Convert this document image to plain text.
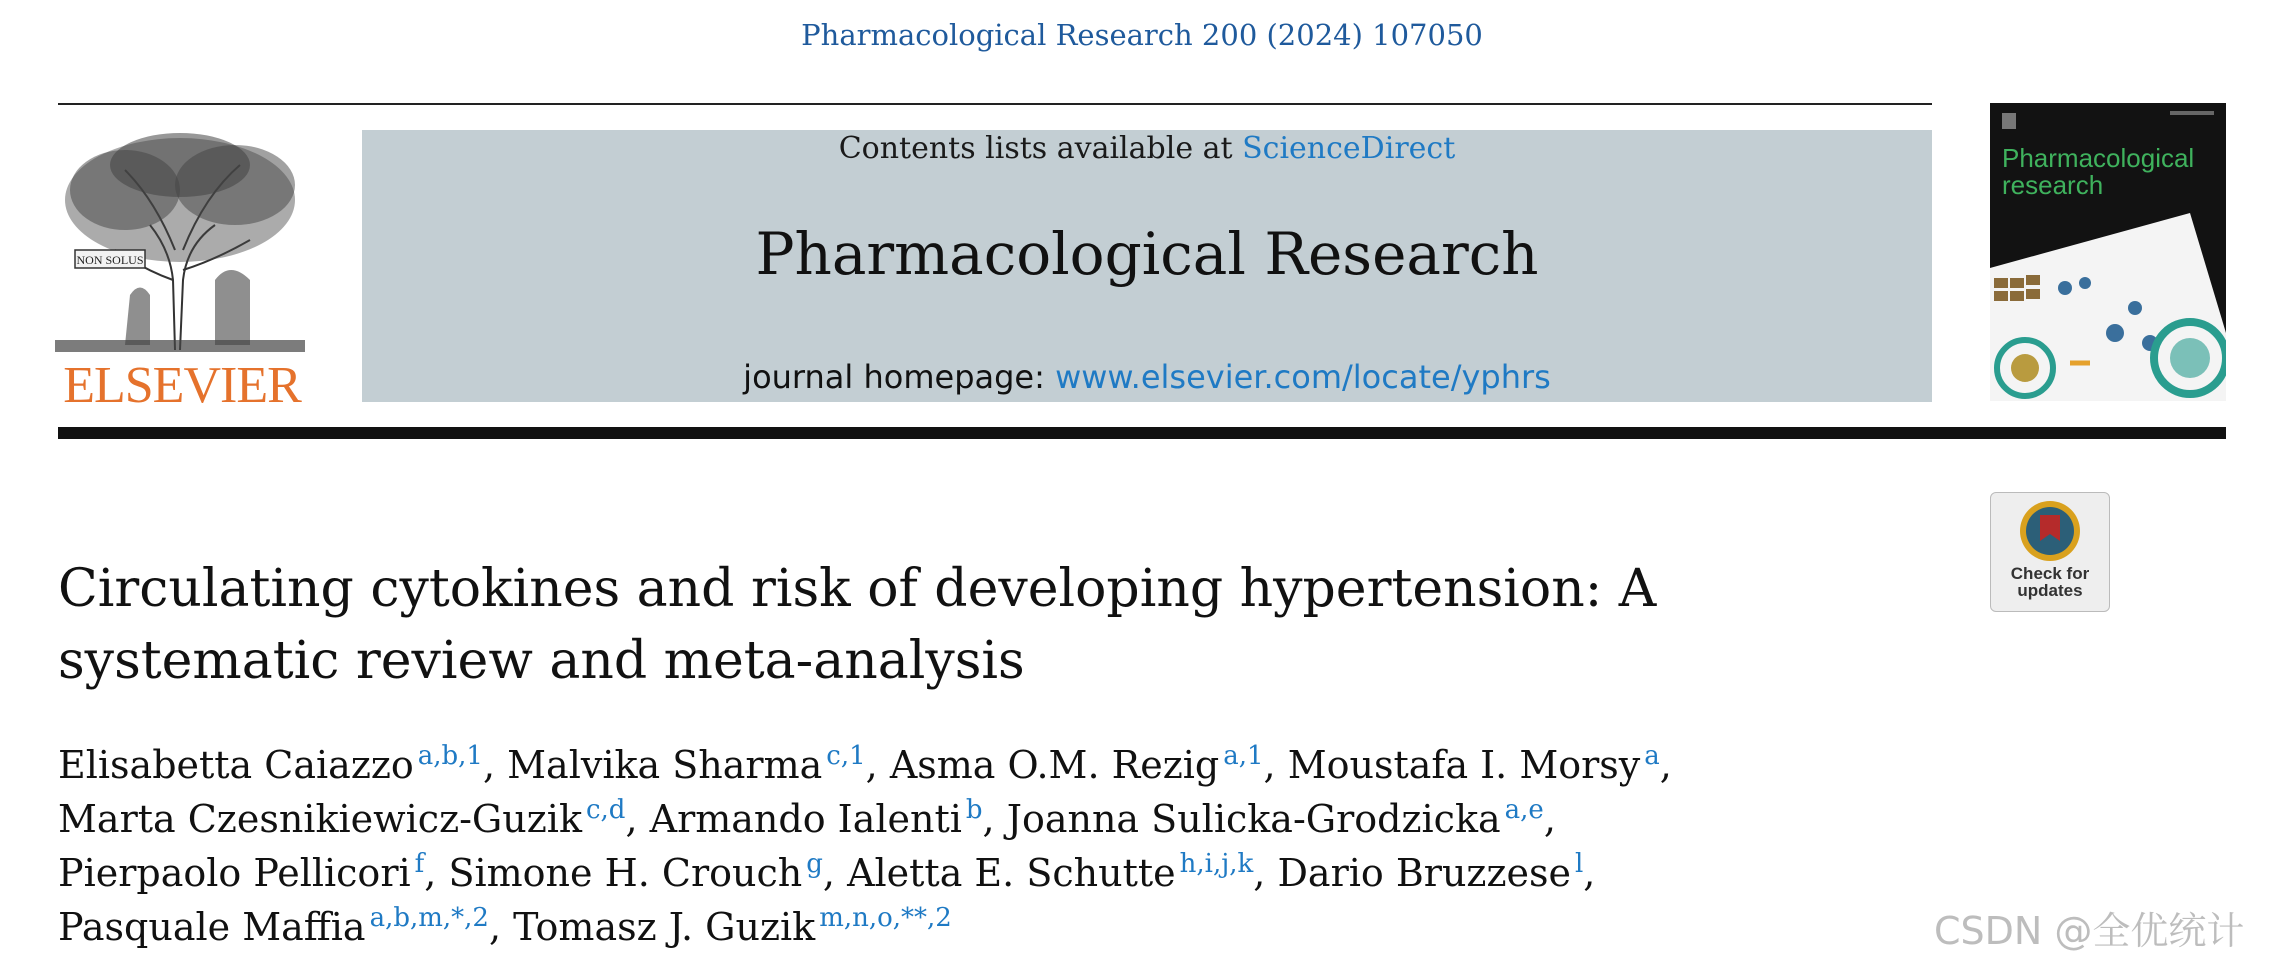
Pharmacological Research 200 (2024) 107050
NON SOLUS
ELSEVIER
Contents lists available at ScienceDirect
Pharmacological Research
journal homepage: www.elsevier.com/locate/yphrs
Pharmacological
research
Check for
updates
Circulating cytokines and risk of developing hypertension: A systematic review and meta-analysis
Elisabetta Caiazzo $^{a,b,1}$, Malvika Sharma $^{c,1}$, Asma O.M. Rezig $^{a,1}$, Moustafa I. Morsy $^a$,
Marta Czesnikiewicz-Guzik $^{c,d}$, Armando Ialenti $^b$, Joanna Sulicka-Grodzicka $^{a,e}$,
Pierpaolo Pellicori $^f$, Simone H. Crouch $^g$, Aletta E. Schutte $^{h,i,j,k}$, Dario Bruzzese $^l$,
Pasquale Maffia $^{a,b,m,*,2}$, Tomasz J. Guzik $^{m,n,o,**,2}$	CSDN @全优统计
